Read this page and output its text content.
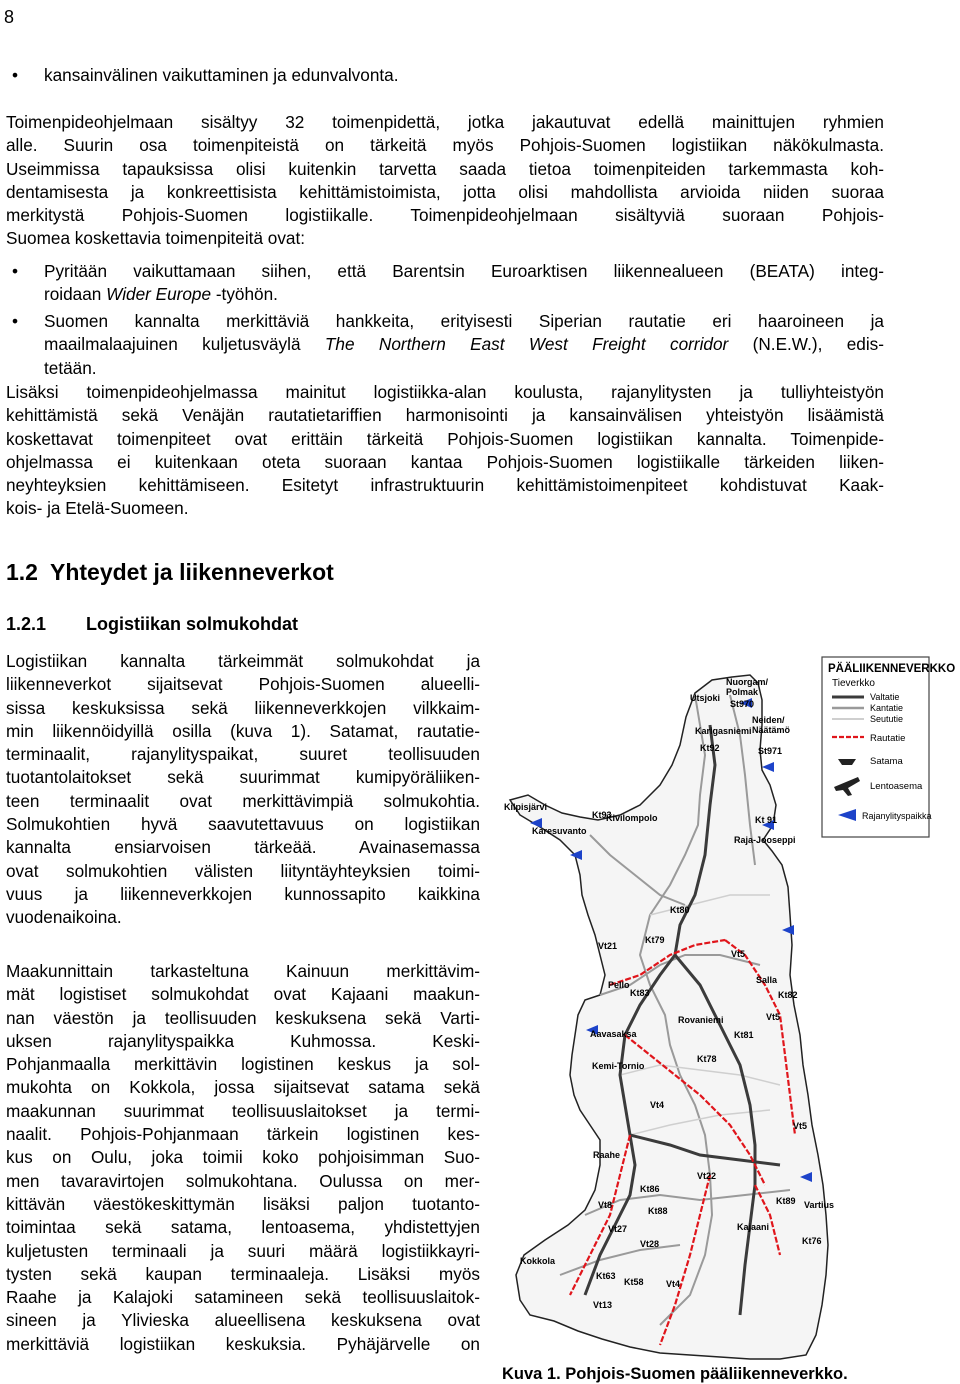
8
•	kansainvälinen vaikuttaminen ja edunvalvonta.
Toimenpideohjelmaan sisältyy 32 toimenpidettä, jotka jakautuvat edellä mainittujen ryhmien
alle. Suurin osa toimenpiteistä on tärkeitä myös Pohjois-Suomen logistiikan näkökulmasta.
Useimmissa tapauksissa olisi kuitenkin tarvetta saada tietoa toimenpiteiden tarkemmasta koh-
dentamisesta ja konkreettisista kehittämistoimista, jotta olisi mahdollista arvioida niiden suoraa
merkitystä Pohjois-Suomen logistiikalle. Toimenpideohjelmaan sisältyviä suoraan Pohjois-
Suomea koskettavia toimenpiteitä ovat:
•	Pyritään vaikuttamaan siihen, että Barentsin Euroarktisen liikennealueen (BEATA) integ-
roidaan Wider Europe -työhön.
•	Suomen kannalta merkittäviä hankkeita, erityisesti Siperian rautatie eri haaroineen ja
maailmalaajuinen kuljetusväylä The Northern East West Freight corridor (N.E.W.), edis-
tetään.
Lisäksi toimenpideohjelmassa mainitut logistiikka-alan koulusta, rajanylitysten ja tulliyhteistyön
kehittämistä sekä Venäjän rautatietariffien harmonisointi ja kansainvälisen yhteistyön lisäämistä
koskettavat toimenpiteet ovat erittäin tärkeitä Pohjois-Suomen logistiikan kannalta. Toimenpide-
ohjelmassa ei kuitenkaan oteta suoraan kantaa Pohjois-Suomen logistiikalle tärkeiden liiken-
neyhteyksien kehittämiseen. Esitetyt infrastruktuurin kehittämistoimenpiteet kohdistuvat Kaak-
kois- ja Etelä-Suomeen.
1.2 Yhteydet ja liikenneverkot
1.2.1 Logistiikan solmukohdat
Logistiikan kannalta tärkeimmät solmukohdat ja
liikenneverkot sijaitsevat Pohjois-Suomen alueelli-
sissa keskuksissa sekä liikenneverkkojen vilkkaim-
min liikennöidyillä osilla (kuva 1). Satamat, rautatie-
terminaalit, rajanylityspaikat, suuret teollisuuden
tuotantolaitokset sekä suurimmat kumipyöräliiken-
teen terminaalit ovat merkittävimpiä solmukohtia.
Solmukohtien hyvä saavutettavuus on logistiikan
kannalta ensiarvoisen tärkeää. Avainasemassa
ovat solmukohtien välisten liityntäyhteyksien toimi-
vuus ja liikenneverkkojen kunnossapito kaikkina
vuodenaikoina.
Maakunnittain tarkasteltuna Kainuun merkittävim-
mät logistiset solmukohdat ovat Kajaani maakun-
nan väestön ja teollisuuden keskuksena sekä Varti-
uksen rajanylityspaikka Kuhmossa. Keski-
Pohjanmaalla merkittävin logistinen keskus ja sol-
mukohta on Kokkola, jossa sijaitsevat satama sekä
maakunnan suurimmat teollisuuslaitokset ja termi-
naalit. Pohjois-Pohjanmaan tärkein logistinen kes-
kus on Oulu, joka toimii koko pohjoisimman Suo-
men tavaravirtojen solmukohtana. Oulussa on mer-
kittävän väestökeskittymän lisäksi paljon tuotanto-
toimintaa sekä satama, lentoasema, yhdistettyjen
kuljetusten terminaali ja suuri määrä logistiikkayri-
tysten sekä kaupan terminaaleja. Lisäksi myös
Raahe ja Kalajoki satamineen sekä teollisuuslaitok-
sineen ja Ylivieska alueellisena keskuksena ovat
merkittäviä logistiikan keskuksia. Pyhäjärvelle on
Utsjoki
Nuorgam/
Polmak
St970
Karigasniemi
Kt92
Neiden/
Näätämö
St971
Kilpisjärvi
Kivilompolo
Kt93
Karesuvanto
Kt 91
Raja-Jooseppi
Kt80
Vt21
Kt79
Vt5
Pello
Kt83
Salla
Kt82
Rovaniemi
Aavasaksa	Kt81
Vt5
Kemi-Tornio
Kt78
Vt4
Vt5
Raahe
Vt22
Kt86
Vt8
Kt88
Kt89 Vartius
Vt27	Kajaani
Kokkola
Vt28	Kt76
Kt63
Kt58 Vt4
Vt13
PÄÄLIIKENNEVERKKO
Tieverkko
Valtatie
Kantatie
Seututie
Rautatie
Satama
Lentoasema
Rajanylityspaikka
Kuva 1. Pohjois-Suomen pääliikenneverkko.
